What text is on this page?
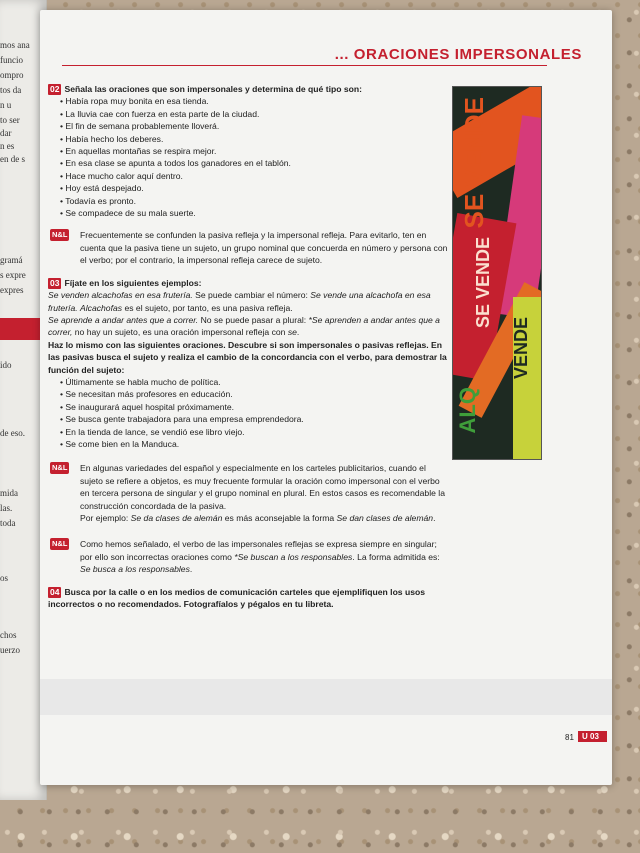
mos ana
funcio
ompro
tos da
n u
to ser
dar
n es
en de s
gramá
s expre
expres
ido
de eso.
mida
las.
toda
os
chos
uerzo
... ORACIONES IMPERSONALES
02 Señala las oraciones que son impersonales y determina de qué tipo son:
• Había ropa muy bonita en esa tienda.
• La lluvia cae con fuerza en esta parte de la ciudad.
• El fin de semana probablemente lloverá.
• Había hecho los deberes.
• En aquellas montañas se respira mejor.
• En esa clase se apunta a todos los ganadores en el tablón.
• Hace mucho calor aquí dentro.
• Hoy está despejado.
• Todavía es pronto.
• Se compadece de su mala suerte.
N&L Frecuentemente se confunden la pasiva refleja y la impersonal refleja. Para evitarlo, ten en cuenta que la pasiva tiene un sujeto, un grupo nominal que concuerda en número y persona con el verbo; por el contrario, la impersonal refleja carece de sujeto.
03 Fíjate en los siguientes ejemplos:
Se venden alcachofas en esa frutería. Se puede cambiar el número: Se vende una alcachofa en esa frutería. Alcachofas es el sujeto, por tanto, es una pasiva refleja.
Se aprende a andar antes que a correr. No se puede pasar a plural: *Se aprenden a andar antes que a correr, no hay un sujeto, es una oración impersonal refleja con se.
Haz lo mismo con las siguientes oraciones. Descubre si son impersonales o pasivas reflejas. En las pasivas busca el sujeto y realiza el cambio de la concordancia con el verbo, para demostrar la función del sujeto:
• Últimamente se habla mucho de política.
• Se necesitan más profesores en educación.
• Se inaugurará aquel hospital próximamente.
• Se busca gente trabajadora para una empresa emprendedora.
• En la tienda de lance, se vendió ese libro viejo.
• Se come bien en la Manduca.
N&L En algunas variedades del español y especialmente en los carteles publicitarios, cuando el sujeto se refiere a objetos, es muy frecuente formular la oración como impersonal con el verbo en tercera persona de singular y el grupo nominal en plural. En estos casos es recomendable la construcción concordada de la pasiva.
Por ejemplo: Se da clases de alemán es más aconsejable la forma Se dan clases de alemán.
N&L Como hemos señalado, el verbo de las impersonales reflejas se expresa siempre en singular; por ello son incorrectas oraciones como *Se buscan a los responsables. La forma admitida es: Se busca a los responsables.
04 Busca por la calle o en los medios de comunicación carteles que ejemplifiquen los usos incorrectos o no recomendados. Fotografíalos y pégalos en tu libreta.
SE VENDE
SE VENDE
VENDE
ALQ
81	U 03
